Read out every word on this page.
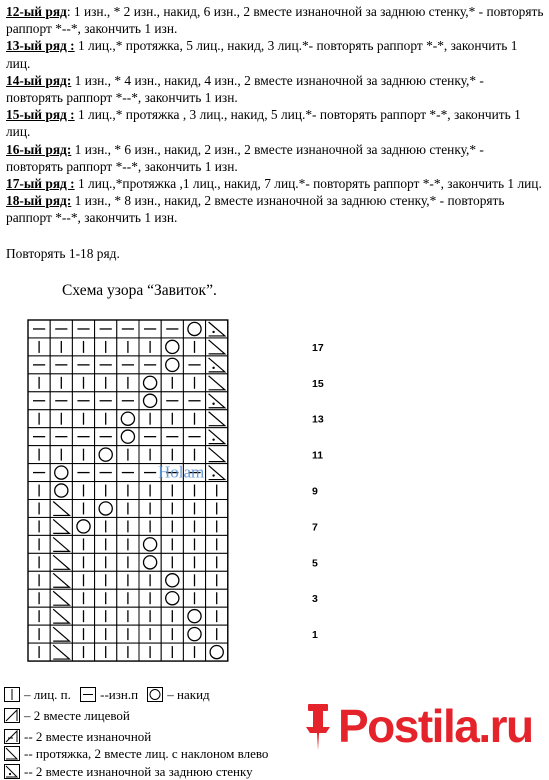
12-ый ряд: 1 изн., * 2 изн., накид, 6 изн., 2 вместе изнаночной за заднюю стенку,* - повторять раппорт *--*, закончить 1 изн.
13-ый ряд : 1 лиц.,* протяжка, 5 лиц., накид, 3 лиц.*- повторять раппорт *-*, закончить 1 лиц.
14-ый ряд: 1 изн., * 4 изн., накид, 4 изн., 2 вместе изнаночной за заднюю стенку,* - повторять раппорт *--*, закончить 1 изн.
15-ый ряд : 1 лиц.,* протяжка , 3 лиц., накид, 5 лиц.*- повторять раппорт *-*, закончить 1 лиц.
16-ый ряд: 1 изн., * 6 изн., накид, 2 изн., 2 вместе изнаночной за заднюю стенку,* - повторять раппорт *--*, закончить 1 изн.
17-ый ряд : 1 лиц.,*протяжка ,1 лиц., накид, 7 лиц.*- повторять раппорт *-*, закончить 1 лиц.
18-ый ряд: 1 изн., * 8 изн., накид, 2 вместе изнаночной за заднюю стенку,* - повторять раппорт *--*, закончить 1 изн.
Повторять 1-18 ряд.
Схема узора “Завиток”.
17
15
13
11
9
7
5
3
1
Holam
– лиц. п.
--изн.п
– накид

– 2 вместе лицевой
-- 2 вместе изнаночной
-- протяжка, 2 вместе лиц. с наклоном влево
-- 2 вместе изнаночной за заднюю стенку
Postila.ru
